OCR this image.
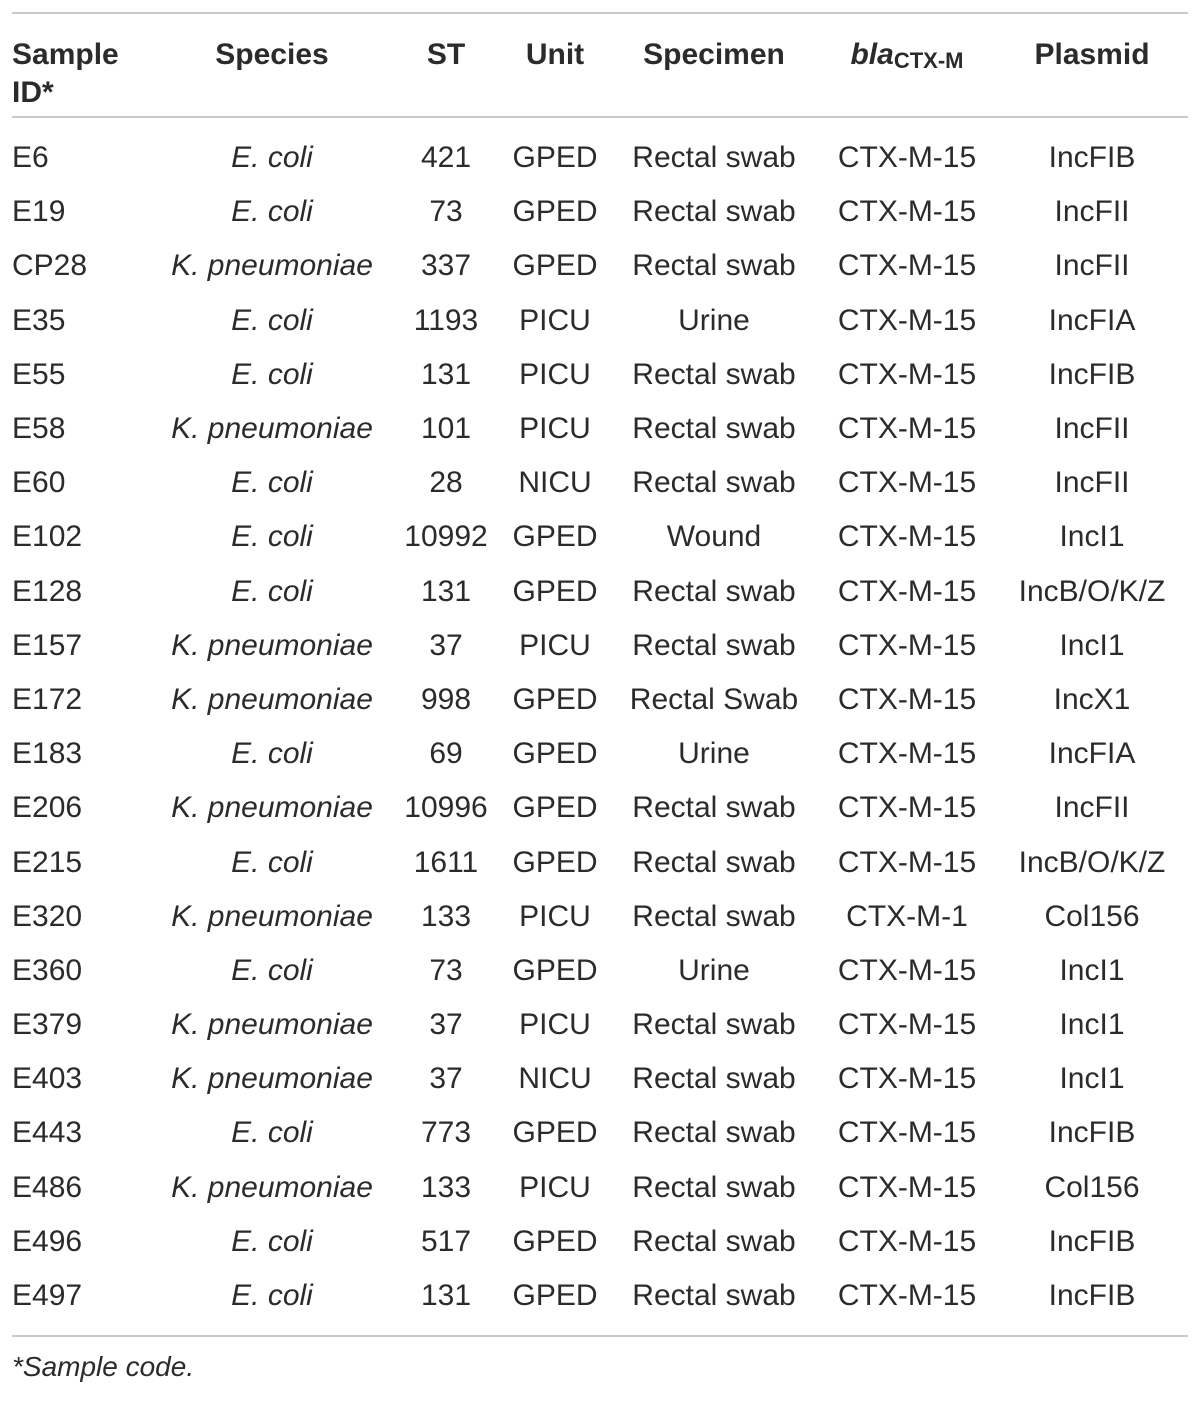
Sample ID*	Species	ST	Unit	Specimen	blaCTX-M	Plasmid
E6	E. coli	421	GPED	Rectal swab	CTX-M-15	IncFIB
E19	E. coli	73	GPED	Rectal swab	CTX-M-15	IncFII
CP28	K. pneumoniae	337	GPED	Rectal swab	CTX-M-15	IncFII
E35	E. coli	1193	PICU	Urine	CTX-M-15	IncFIA
E55	E. coli	131	PICU	Rectal swab	CTX-M-15	IncFIB
E58	K. pneumoniae	101	PICU	Rectal swab	CTX-M-15	IncFII
E60	E. coli	28	NICU	Rectal swab	CTX-M-15	IncFII
E102	E. coli	10992	GPED	Wound	CTX-M-15	IncI1
E128	E. coli	131	GPED	Rectal swab	CTX-M-15	IncB/O/K/Z
E157	K. pneumoniae	37	PICU	Rectal swab	CTX-M-15	IncI1
E172	K. pneumoniae	998	GPED	Rectal Swab	CTX-M-15	IncX1
E183	E. coli	69	GPED	Urine	CTX-M-15	IncFIA
E206	K. pneumoniae	10996	GPED	Rectal swab	CTX-M-15	IncFII
E215	E. coli	1611	GPED	Rectal swab	CTX-M-15	IncB/O/K/Z
E320	K. pneumoniae	133	PICU	Rectal swab	CTX-M-1	Col156
E360	E. coli	73	GPED	Urine	CTX-M-15	IncI1
E379	K. pneumoniae	37	PICU	Rectal swab	CTX-M-15	IncI1
E403	K. pneumoniae	37	NICU	Rectal swab	CTX-M-15	IncI1
E443	E. coli	773	GPED	Rectal swab	CTX-M-15	IncFIB
E486	K. pneumoniae	133	PICU	Rectal swab	CTX-M-15	Col156
E496	E. coli	517	GPED	Rectal swab	CTX-M-15	IncFIB
E497	E. coli	131	GPED	Rectal swab	CTX-M-15	IncFIB
*Sample code.
